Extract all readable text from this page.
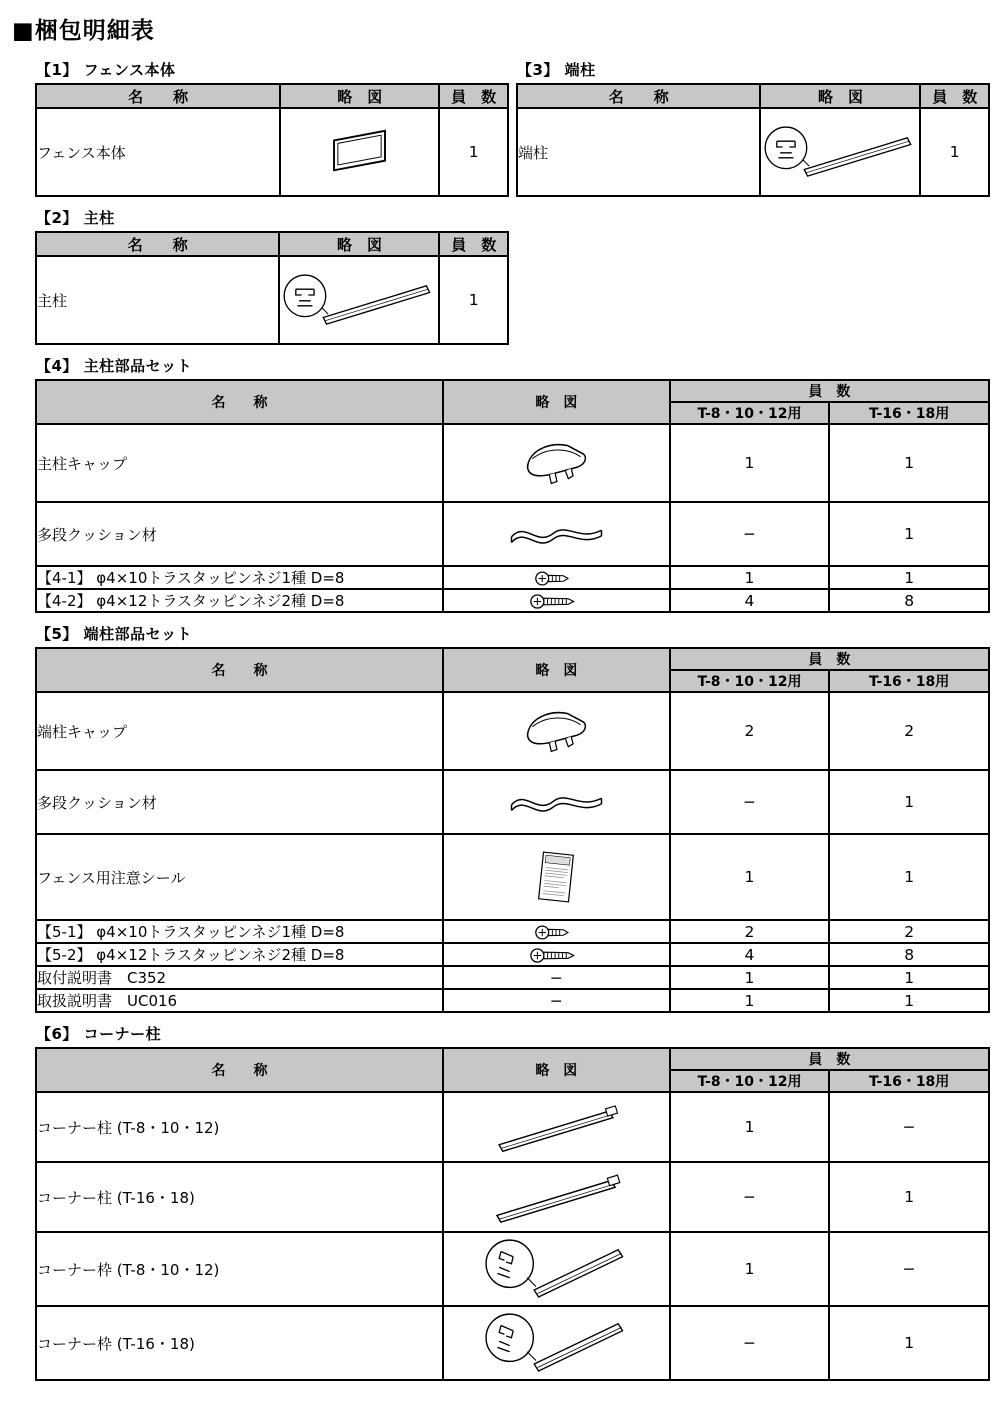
■梱包明細表
【1】 フェンス本体
名　　称	略　図	員　数
フェンス本体		1
【2】 主柱
名　　称	略　図	員　数
主柱		1
【3】 端柱
名　　称	略　図	員　数
端柱		1
【4】 主柱部品セット
名　　称	略　図	員　数	
		T-8・10・12用	T-16・18用
主柱キャップ		1	1
多段クッション材		−	1
【4-1】 φ4×10トラスタッピンネジ1種 D=8		1	1
【4-2】 φ4×12トラスタッピンネジ2種 D=8		4	8
【5】 端柱部品セット
名　　称	略　図	員　数	
		T-8・10・12用	T-16・18用
端柱キャップ		2	2
多段クッション材		−	1
フェンス用注意シール		1	1
【5-1】 φ4×10トラスタッピンネジ1種 D=8		2	2
【5-2】 φ4×12トラスタッピンネジ2種 D=8		4	8
取付説明書　C352	−	1	1
取扱説明書　UC016	−	1	1
【6】 コーナー柱
名　　称	略　図	員　数	
		T-8・10・12用	T-16・18用
コーナー柱 (T-8・10・12)		1	−
コーナー柱 (T-16・18)		−	1
コーナー枠 (T-8・10・12)		1	−
コーナー枠 (T-16・18)		−	1
